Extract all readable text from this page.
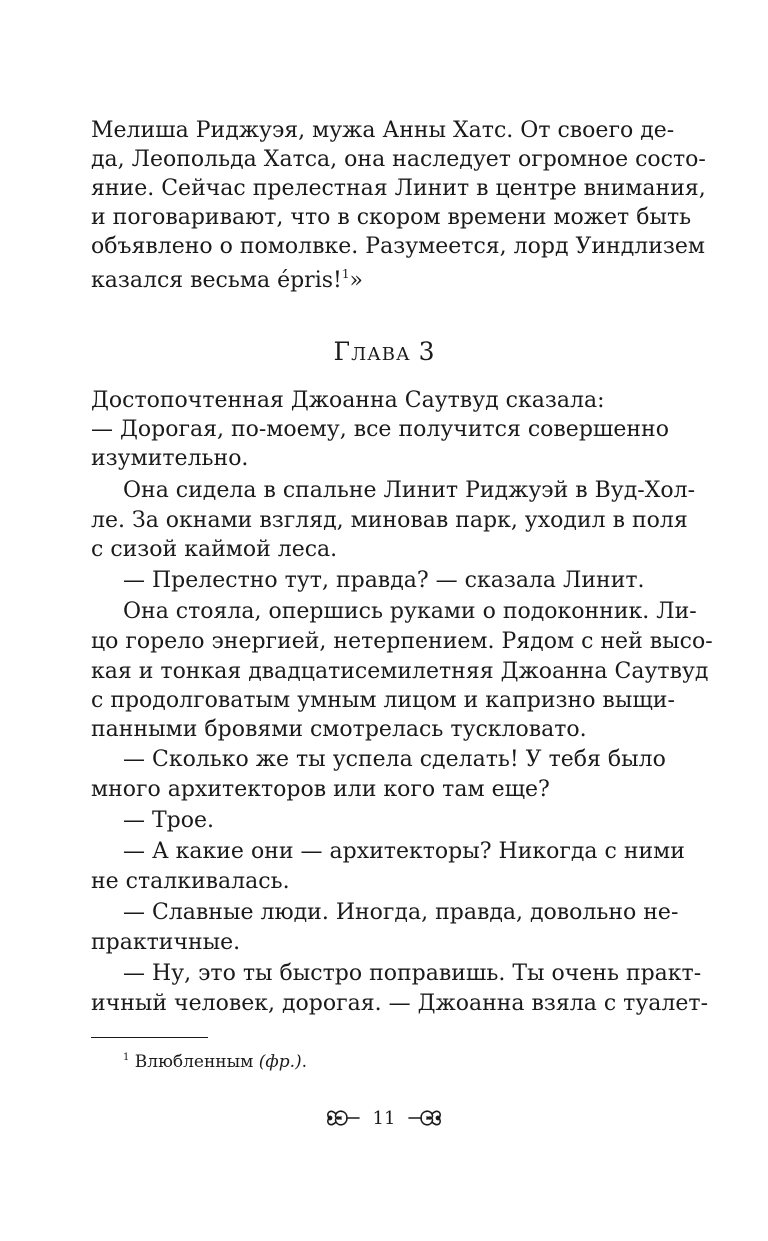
Мелиша Риджуэя, мужа Анны Хатс. От своего де-
да, Леопольда Хатса, она наследует огромное состо-
яние. Сейчас прелестная Линит в центре внимания,
и поговаривают, что в скором времени может быть
объявлено о помолвке. Разумеется, лорд Уиндлизем
казался весьма épris!$^1$»
Глава 3
Достопочтенная Джоанна Саутвуд сказала:
— Дорогая, по-моему, все получится совершенно
изумительно.
Она сидела в спальне Линит Риджуэй в Вуд-Хол-
ле. За окнами взгляд, миновав парк, уходил в поля
с сизой каймой леса.
— Прелестно тут, правда? — сказала Линит.
Она стояла, опершись руками о подоконник. Ли-
цо горело энергией, нетерпением. Рядом с ней высо-
кая и тонкая двадцатисемилетняя Джоанна Саутвуд
с продолговатым умным лицом и капризно выщи-
панными бровями смотрелась тускловато.
— Сколько же ты успела сделать! У тебя было
много архитекторов или кого там еще?
— Трое.
— А какие они — архитекторы? Никогда с ними
не сталкивалась.
— Славные люди. Иногда, правда, довольно не-
практичные.
— Ну, это ты быстро поправишь. Ты очень практ-
ичный человек, дорогая. — Джоанна взяла с туалет-
$^1$ Влюбленным (фр.).
11
